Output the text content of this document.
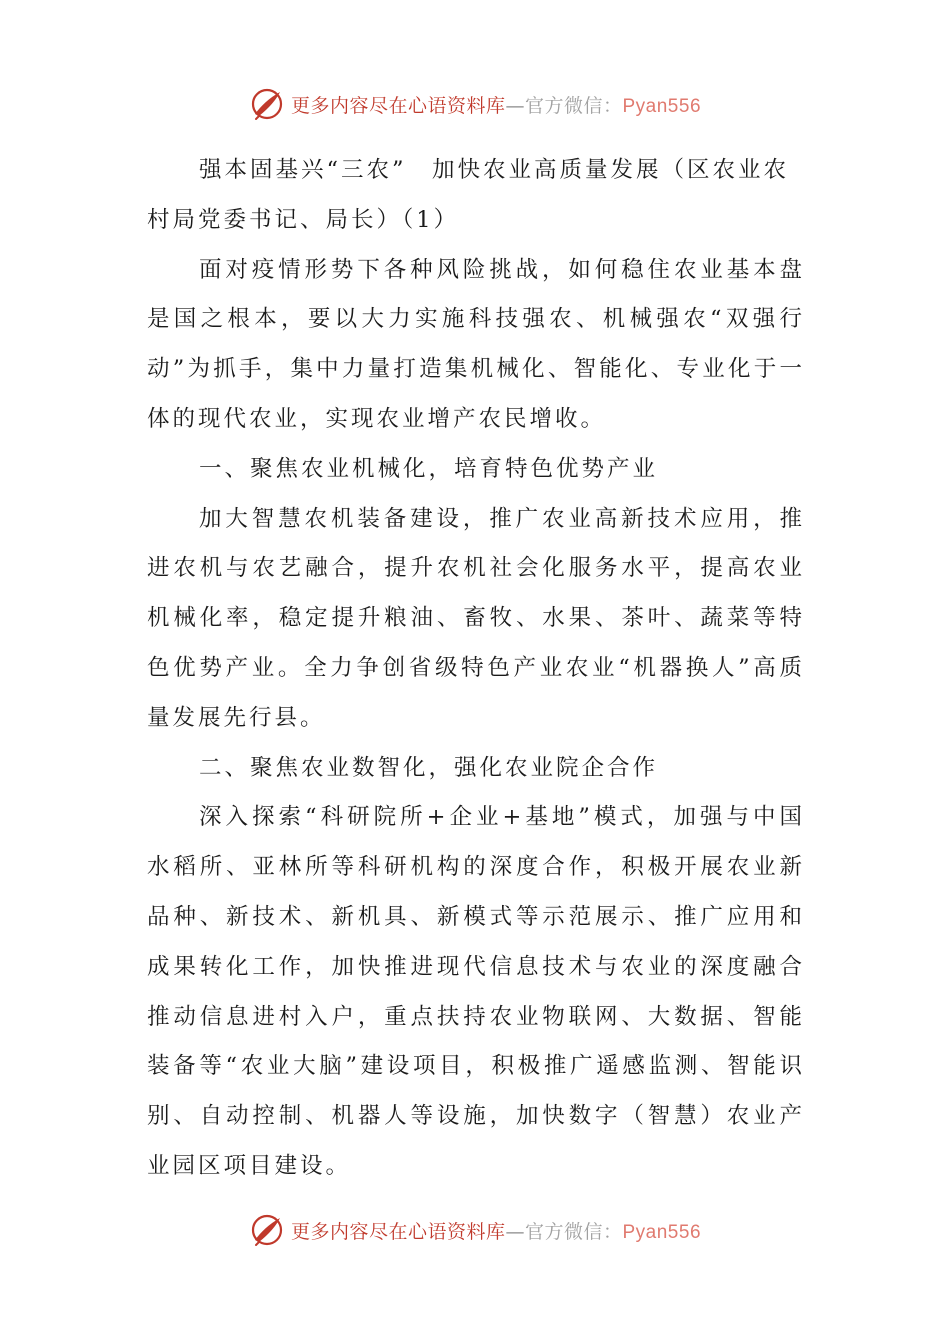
更多内容尽在心语资料库—官方微信：Pyan556

强本固基兴“三农”　加快农业高质量发展（区农业农村局党委书记、局长）（1）

面对疫情形势下各种风险挑战，如何稳住农业基本盘是国之根本，要以大力实施科技强农、机械强农“双强行动”为抓手，集中力量打造集机械化、智能化、专业化于一体的现代农业，实现农业增产农民增收。

一、聚焦农业机械化，培育特色优势产业

加大智慧农机装备建设，推广农业高新技术应用，推进农机与农艺融合，提升农机社会化服务水平，提高农业机械化率，稳定提升粮油、畜牧、水果、茶叶、蔬菜等特色优势产业。全力争创省级特色产业农业“机器换人”高质量发展先行县。

二、聚焦农业数智化，强化农业院企合作

深入探索“科研院所+企业+基地”模式，加强与中国水稻所、亚林所等科研机构的深度合作，积极开展农业新品种、新技术、新机具、新模式等示范展示、推广应用和成果转化工作，加快推进现代信息技术与农业的深度融合推动信息进村入户，重点扶持农业物联网、大数据、智能装备等“农业大脑”建设项目，积极推广遥感监测、智能识别、自动控制、机器人等设施，加快数字（智慧）农业产业园区项目建设。

更多内容尽在心语资料库—官方微信：Pyan556
